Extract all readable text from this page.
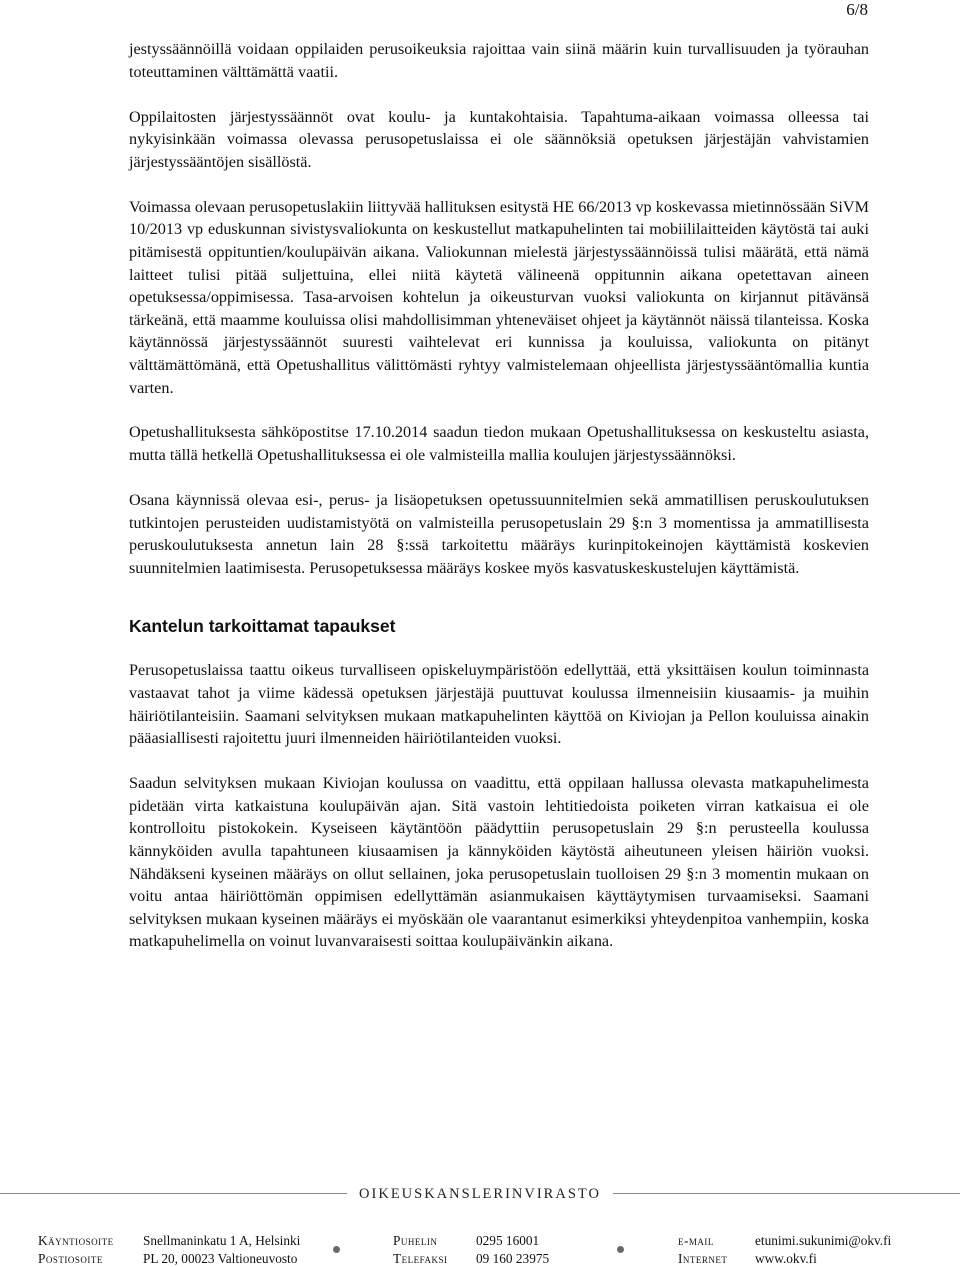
6/8

jestyssäännöillä voidaan oppilaiden perusoikeuksia rajoittaa vain siinä määrin kuin turvallisuuden ja työrauhan toteuttaminen välttämättä vaatii.

Oppilaitosten järjestyssäännöt ovat koulu- ja kuntakohtaisia. Tapahtuma-aikaan voimassa olleessa tai nykyisinkään voimassa olevassa perusopetuslaissa ei ole säännöksiä opetuksen järjestäjän vahvistamien järjestyssääntöjen sisällöstä.

Voimassa olevaan perusopetuslakiin liittyvää hallituksen esitystä HE 66/2013 vp koskevassa mietinnössään SiVM 10/2013 vp eduskunnan sivistysvaliokunta on keskustellut matkapuhelinten tai mobiililaitteiden käytöstä tai auki pitämisestä oppituntien/koulupäivän aikana. Valiokunnan mielestä järjestyssäännöissä tulisi määrätä, että nämä laitteet tulisi pitää suljettuina, ellei niitä käytetä välineenä oppitunnin aikana opetettavan aineen opetuksessa/oppimisessa. Tasa-arvoisen kohtelun ja oikeusturvan vuoksi valiokunta on kirjannut pitävänsä tärkeänä, että maamme kouluissa olisi mahdollisimman yhteneväiset ohjeet ja käytännöt näissä tilanteissa. Koska käytännössä järjestyssäännöt suuresti vaihtelevat eri kunnissa ja kouluissa, valiokunta on pitänyt välttämättömänä, että Opetushallitus välittömästi ryhtyy valmistelemaan ohjeellista järjestyssääntömallia kuntia varten.

Opetushallituksesta sähköpostitse 17.10.2014 saadun tiedon mukaan Opetushallituksessa on keskusteltu asiasta, mutta tällä hetkellä Opetushallituksessa ei ole valmisteilla mallia koulujen järjestyssäännöksi.

Osana käynnissä olevaa esi-, perus- ja lisäopetuksen opetussuunnitelmien sekä ammatillisen peruskoulutuksen tutkintojen perusteiden uudistamistyötä on valmisteilla perusopetuslain 29 §:n 3 momentissa ja ammatillisesta peruskoulutuksesta annetun lain 28 §:ssä tarkoitettu määräys kurinpitokeinojen käyttämistä koskevien suunnitelmien laatimisesta. Perusopetuksessa määräys koskee myös kasvatuskeskustelujen käyttämistä.

Kantelun tarkoittamat tapaukset

Perusopetuslaissa taattu oikeus turvalliseen opiskeluympäristöön edellyttää, että yksittäisen koulun toiminnasta vastaavat tahot ja viime kädessä opetuksen järjestäjä puuttuvat koulussa ilmenneisiin kiusaamis- ja muihin häiriötilanteisiin. Saamani selvityksen mukaan matkapuhelinten käyttöä on Kiviojan ja Pellon kouluissa ainakin pääasiallisesti rajoitettu juuri ilmenneiden häiriötilanteiden vuoksi.

Saadun selvityksen mukaan Kiviojan koulussa on vaadittu, että oppilaan hallussa olevasta matkapuhelimesta pidetään virta katkaistuna koulupäivän ajan. Sitä vastoin lehtitiedoista poiketen virran katkaisua ei ole kontrolloitu pistokokein. Kyseiseen käytäntöön päädyttiin perusopetuslain 29 §:n perusteella koulussa kännyköiden avulla tapahtuneen kiusaamisen ja kännyköiden käytöstä aiheutuneen yleisen häiriön vuoksi. Nähdäkseni kyseinen määräys on ollut sellainen, joka perusopetuslain tuolloisen 29 §:n 3 momentin mukaan on voitu antaa häiriöttömän oppimisen edellyttämän asianmukaisen käyttäytymisen turvaamiseksi. Saamani selvityksen mukaan kyseinen määräys ei myöskään ole vaarantanut esimerkiksi yhteydenpitoa vanhempiin, koska matkapuhelimella on voinut luvanvaraisesti soittaa koulupäivänkin aikana.

OIKEUSKANSLERINVIRASTO
Käyntiosoite Snellmaninkatu 1 A, Helsinki
Postiosoite	PL 20, 00023 Valtioneuvosto
Puhelin	0295 16001
Telefaksi 09 160 23975
e-mail	etunimi.sukunimi@okv.fi
Internet www.okv.fi
